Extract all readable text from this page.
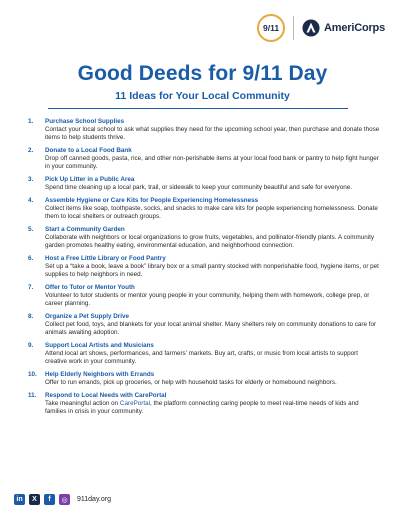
9/11	AmeriCorps
Good Deeds for 9/11 Day
11 Ideas for Your Local Community
1.	Purchase School Supplies
Contact your local school to ask what supplies they need for the upcoming school year, then purchase and donate those items to help students thrive.
2.	Donate to a Local Food Bank
Drop off canned goods, pasta, rice, and other non-perishable items at your local food bank or pantry to help fight hunger in your community.
3.	Pick Up Litter in a Public Area
Spend time cleaning up a local park, trail, or sidewalk to keep your community beautiful and safe for everyone.
4.	Assemble Hygiene or Care Kits for People Experiencing Homelessness
Collect items like soap, toothpaste, socks, and snacks to make care kits for people experiencing homelessness. Donate them to local shelters or outreach groups.
5.	Start a Community Garden
Collaborate with neighbors or local organizations to grow fruits, vegetables, and pollinator-friendly plants. A community garden promotes healthy eating, environmental education, and neighborhood connection.
6.	Host a Free Little Library or Food Pantry
Set up a “take a book, leave a book” library box or a small pantry stocked with nonperishable food, hygiene items, or pet supplies to help neighbors in need.
7.	Offer to Tutor or Mentor Youth
Volunteer to tutor students or mentor young people in your community, helping them with homework, college prep, or career planning.
8.	Organize a Pet Supply Drive
Collect pet food, toys, and blankets for your local animal shelter. Many shelters rely on community donations to care for animals awaiting adoption.
9.	Support Local Artists and Musicians
Attend local art shows, performances, and farmers’ markets. Buy art, crafts, or music from local artists to support creative work in your community.
10.	Help Elderly Neighbors with Errands
Offer to run errands, pick up groceries, or help with household tasks for elderly or homebound neighbors.
11.	Respond to Local Needs with CarePortal
Take meaningful action on CarePortal, the platform connecting caring people to meet real-time needs of kids and families in crisis in your community.
in	X	f	◎	911day.org
